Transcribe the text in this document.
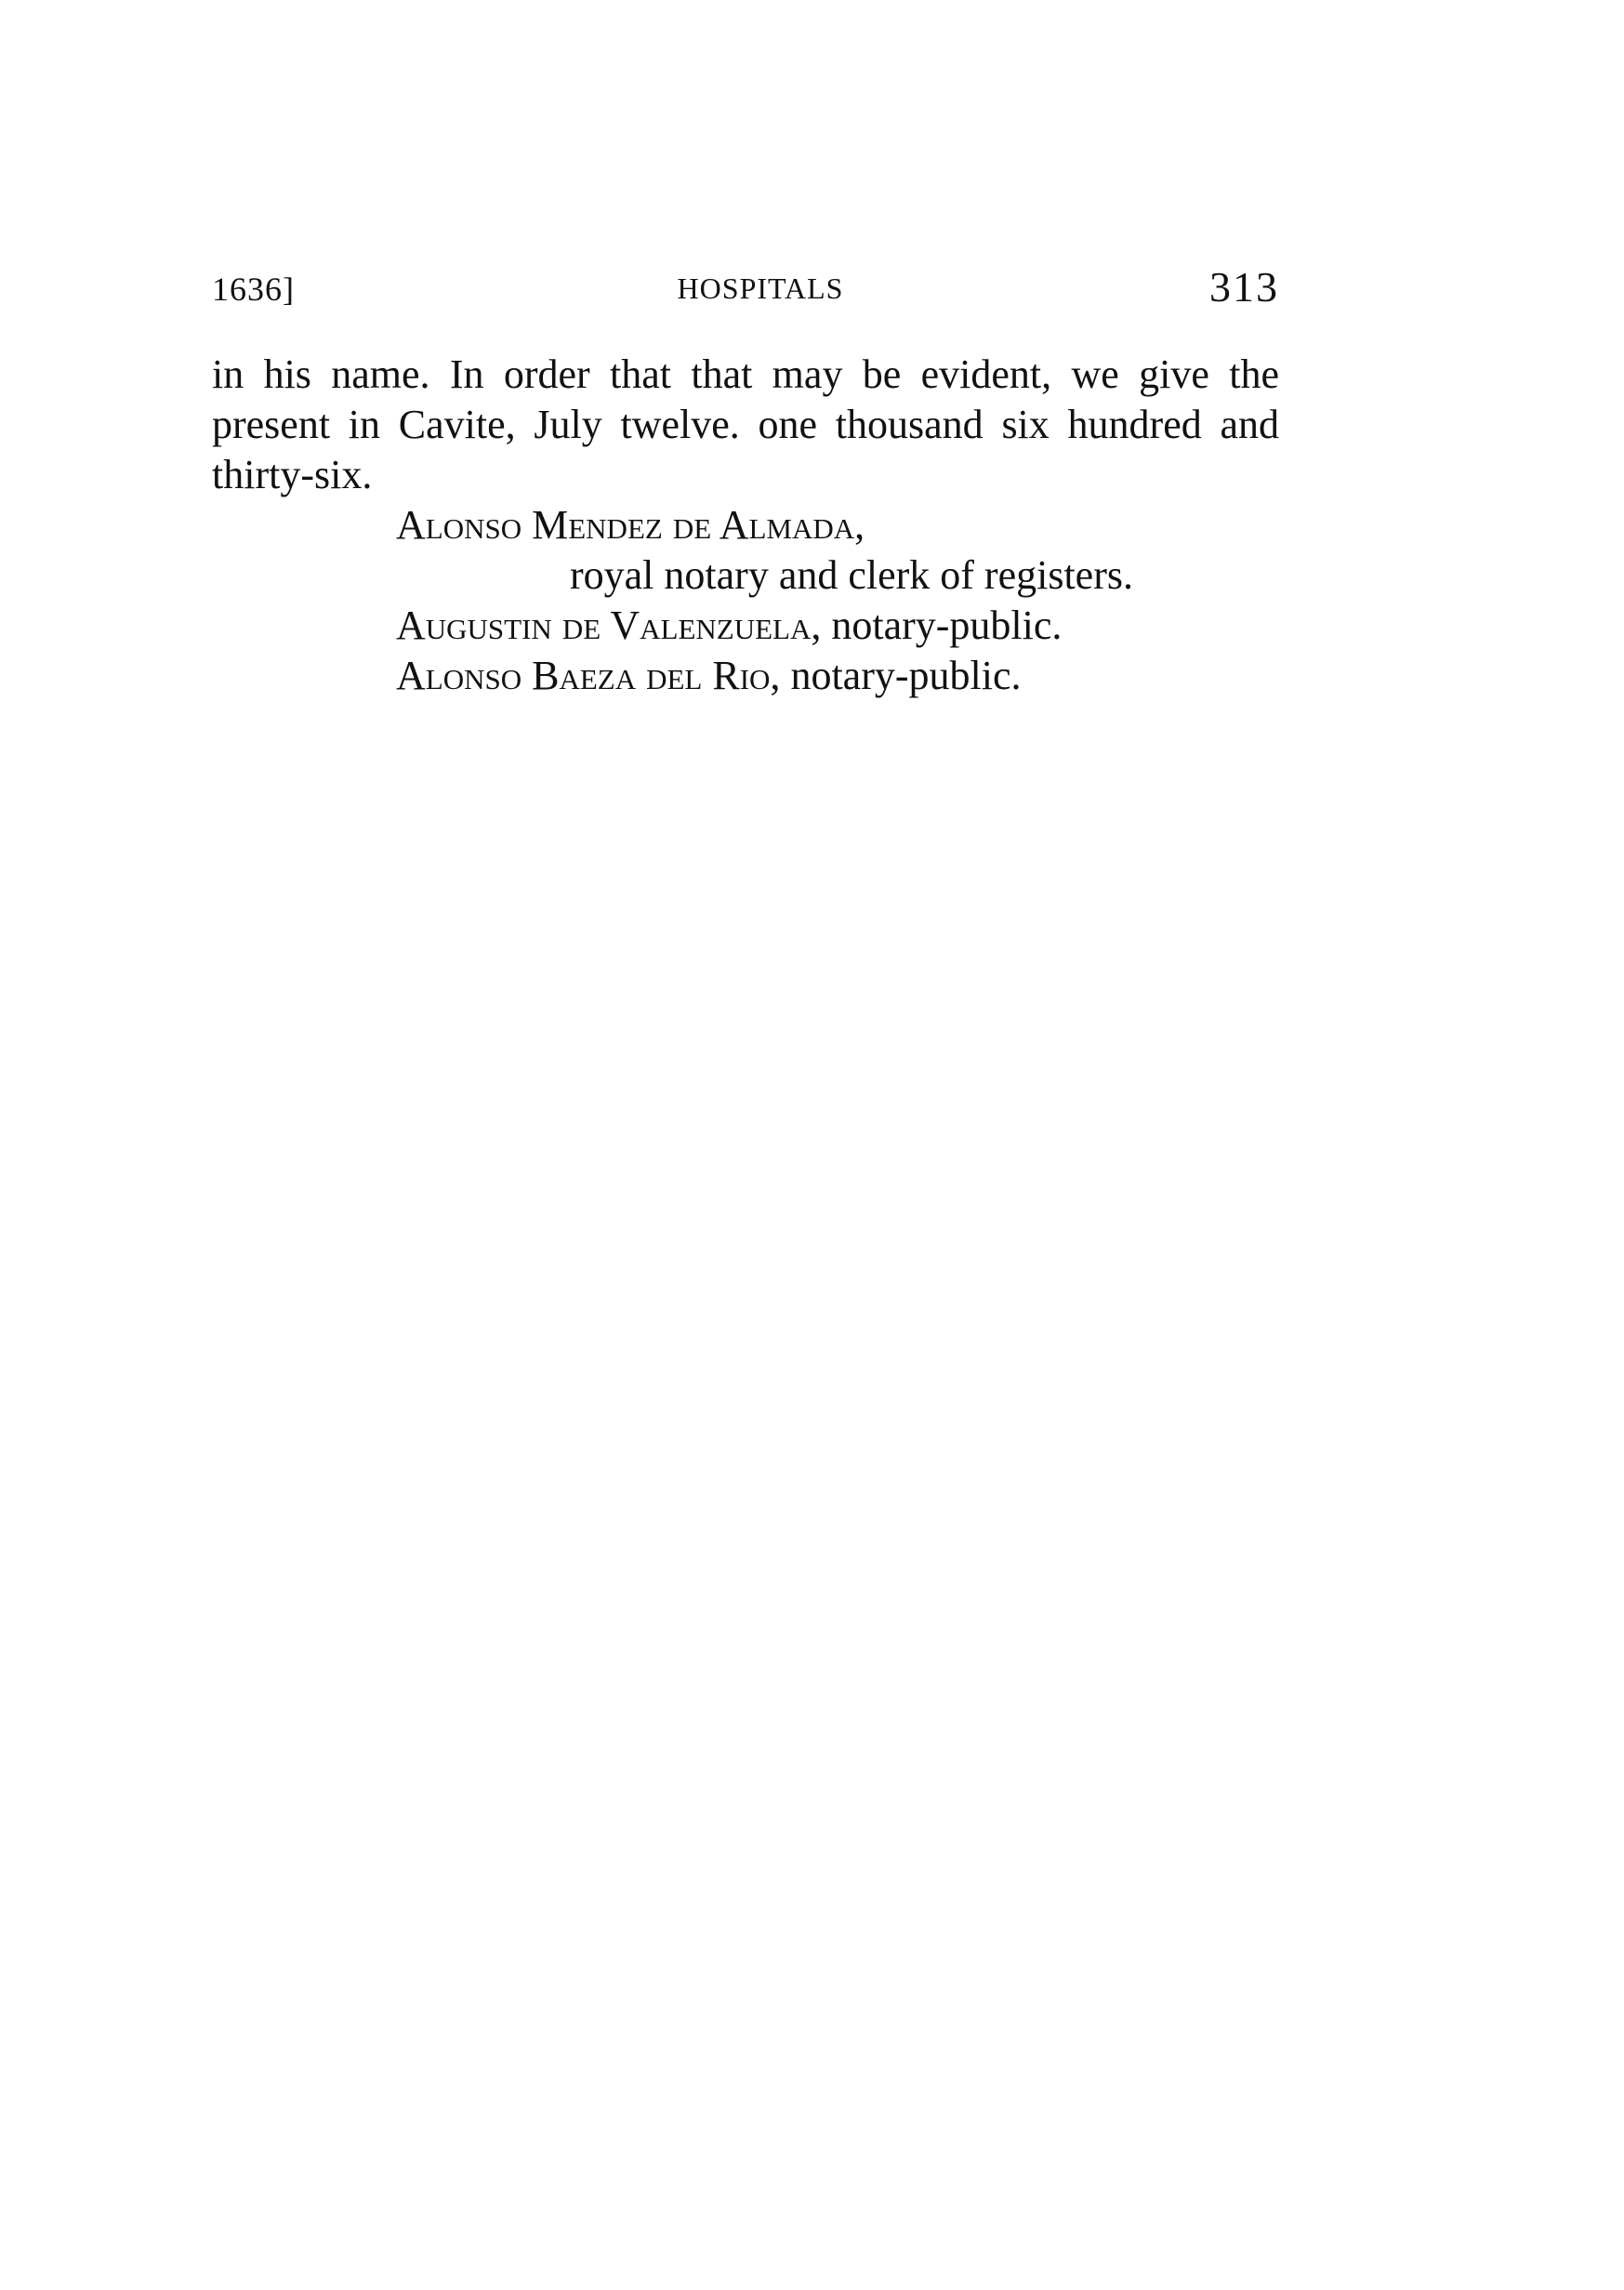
1636]	HOSPITALS	313

in his name. In order that that may be evident, we give the present in Cavite, July twelve. one thousand six hundred and thirty-six.

Alonso Mendez de Almada,

royal notary and clerk of registers.

Augustin de Valenzuela, notary-public.

Alonso Baeza del Rio, notary-public.
